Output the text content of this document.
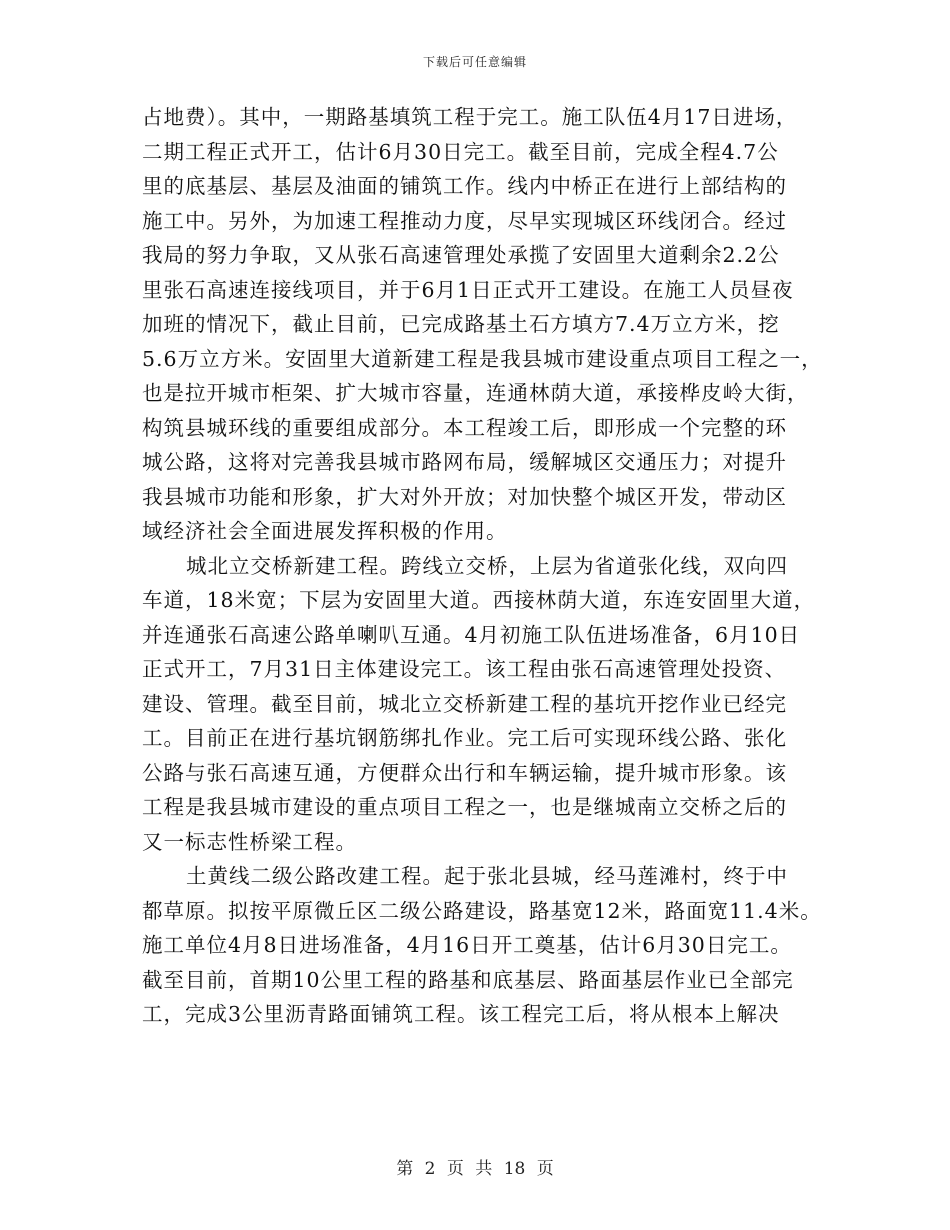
下载后可任意编辑
占地费）。其中，一期路基填筑工程于完工。施工队伍4月17日进场，
二期工程正式开工，估计6月30日完工。截至目前，完成全程4.7公
里的底基层、基层及油面的铺筑工作。线内中桥正在进行上部结构的
施工中。另外，为加速工程推动力度，尽早实现城区环线闭合。经过
我局的努力争取，又从张石高速管理处承揽了安固里大道剩余2.2公
里张石高速连接线项目，并于6月1日正式开工建设。在施工人员昼夜
加班的情况下，截止目前，已完成路基土石方填方7.4万立方米，挖
5.6万立方米。安固里大道新建工程是我县城市建设重点项目工程之一，
也是拉开城市柜架、扩大城市容量，连通林荫大道，承接桦皮岭大街，
构筑县城环线的重要组成部分。本工程竣工后，即形成一个完整的环
城公路，这将对完善我县城市路网布局，缓解城区交通压力；对提升
我县城市功能和形象，扩大对外开放；对加快整个城区开发，带动区
域经济社会全面进展发挥积极的作用。
城北立交桥新建工程。跨线立交桥，上层为省道张化线，双向四
车道，18米宽；下层为安固里大道。西接林荫大道，东连安固里大道，
并连通张石高速公路单喇叭互通。4月初施工队伍进场准备，6月10日
正式开工，7月31日主体建设完工。该工程由张石高速管理处投资、
建设、管理。截至目前，城北立交桥新建工程的基坑开挖作业已经完
工。目前正在进行基坑钢筋绑扎作业。完工后可实现环线公路、张化
公路与张石高速互通，方便群众出行和车辆运输，提升城市形象。该
工程是我县城市建设的重点项目工程之一，也是继城南立交桥之后的
又一标志性桥梁工程。
土黄线二级公路改建工程。起于张北县城，经马莲滩村，终于中
都草原。拟按平原微丘区二级公路建设，路基宽12米，路面宽11.4米。
施工单位4月8日进场准备，4月16日开工奠基，估计6月30日完工。
截至目前，首期10公里工程的路基和底基层、路面基层作业已全部完
工，完成3公里沥青路面铺筑工程。该工程完工后，将从根本上解决
第 2 页 共 18 页
